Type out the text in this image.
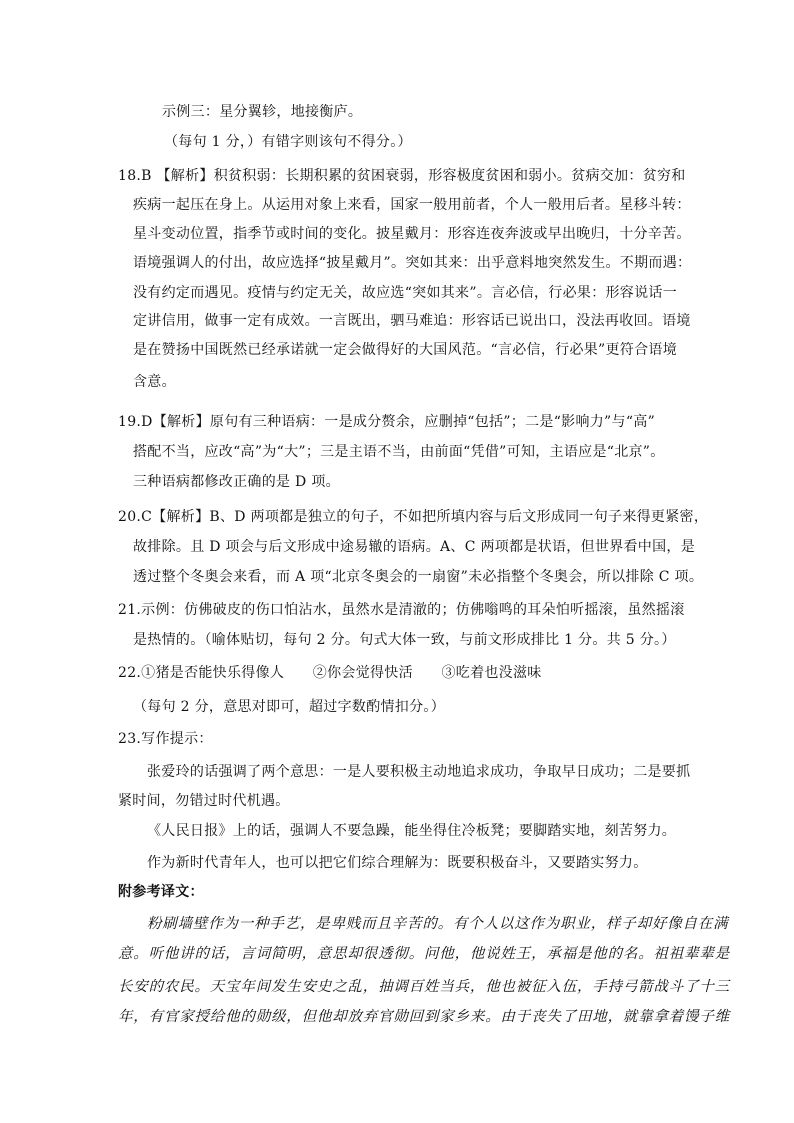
示例三：星分翼轸，地接衡庐。
（每句 1 分，）有错字则该句不得分。）
18.B 【解析】积贫积弱：长期积累的贫困衰弱，形容极度贫困和弱小。贫病交加：贫穷和
疾病一起压在身上。从运用对象上来看，国家一般用前者，个人一般用后者。星移斗转：
星斗变动位置，指季节或时间的变化。披星戴月：形容连夜奔波或早出晚归，十分辛苦。
语境强调人的付出，故应选择“披星戴月”。突如其来：出乎意料地突然发生。不期而遇：
没有约定而遇见。疫情与约定无关，故应选“突如其来”。言必信，行必果：形容说话一
定讲信用，做事一定有成效。一言既出，驷马难追：形容话已说出口，没法再收回。语境
是在赞扬中国既然已经承诺就一定会做得好的大国风范。“言必信，行必果”更符合语境
含意。
19.D【解析】原句有三种语病：一是成分赘余，应删掉“包括”；二是“影响力”与“高”
搭配不当，应改“高”为“大”；三是主语不当，由前面“凭借”可知，主语应是“北京”。
三种语病都修改正确的是 D 项。
20.C【解析】B、D 两项都是独立的句子，不如把所填内容与后文形成同一句子来得更紧密，
故排除。且 D 项会与后文形成中途易辙的语病。A、C 两项都是状语，但世界看中国，是
透过整个冬奥会来看，而 A 项“北京冬奥会的一扇窗”未必指整个冬奥会，所以排除 C 项。
21.示例：仿佛破皮的伤口怕沾水，虽然水是清澈的；仿佛嗡鸣的耳朵怕听摇滚，虽然摇滚
是热情的。（喻体贴切，每句 2 分。句式大体一致，与前文形成排比 1 分。共 5 分。）
22.①猪是否能快乐得像人　　②你会觉得快活　　③吃着也没滋味
（每句 2 分，意思对即可，超过字数酌情扣分。）
23.写作提示：
张爱玲的话强调了两个意思：一是人要积极主动地追求成功，争取早日成功；二是要抓
紧时间，勿错过时代机遇。
《人民日报》上的话，强调人不要急躁，能坐得住冷板凳；要脚踏实地，刻苦努力。
作为新时代青年人，也可以把它们综合理解为：既要积极奋斗，又要踏实努力。
附参考译文：
粉刷墙壁作为一种手艺，是卑贱而且辛苦的。有个人以这作为职业，样子却好像自在满
意。听他讲的话，言词简明，意思却很透彻。问他，他说姓王，承福是他的名。祖祖辈辈是
长安的农民。天宝年间发生安史之乱，抽调百姓当兵，他也被征入伍，手持弓箭战斗了十三
年，有官家授给他的勋级，但他却放弃官勋回到家乡来。由于丧失了田地，就靠拿着馒子维
